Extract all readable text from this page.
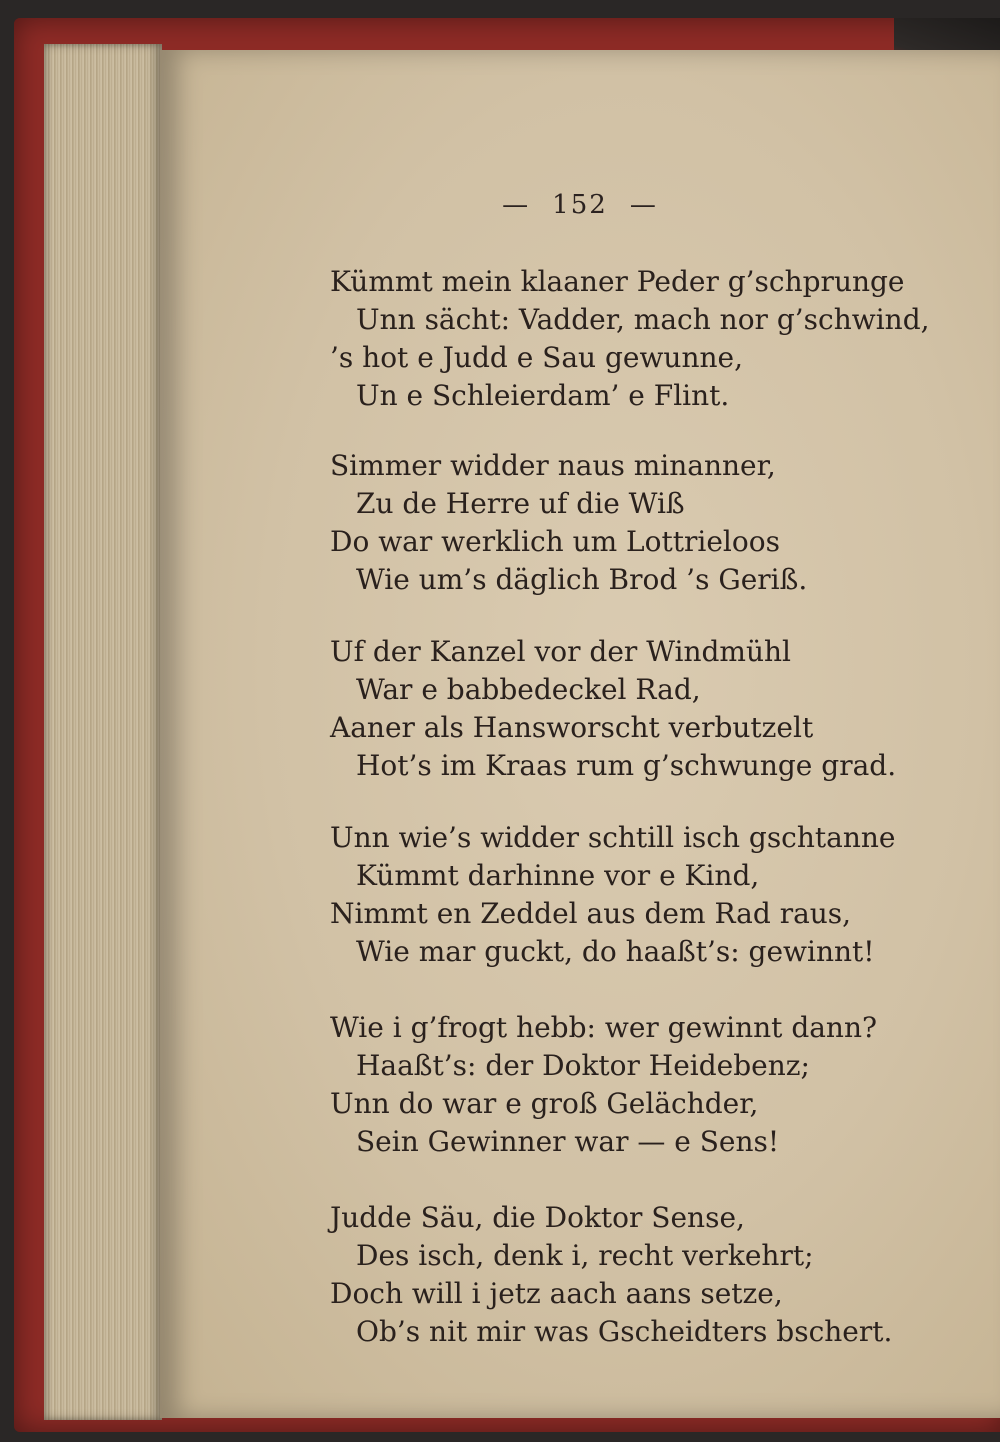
— 152 —
Kümmt mein klaaner Peder g’schprunge
Unn sächt: Vadder, mach nor g’schwind,
’s hot e Judd e Sau gewunne,
Un e Schleierdam’ e Flint.
Simmer widder naus minanner,
Zu de Herre uf die Wiß
Do war werklich um Lottrieloos
Wie um’s däglich Brod ’s Geriß.
Uf der Kanzel vor der Windmühl
War e babbedeckel Rad,
Aaner als Hansworscht verbutzelt
Hot’s im Kraas rum g’schwunge grad.
Unn wie’s widder schtill isch gschtanne
Kümmt darhinne vor e Kind,
Nimmt en Zeddel aus dem Rad raus,
Wie mar guckt, do haaßt’s: gewinnt!
Wie i g’frogt hebb: wer gewinnt dann?
Haaßt’s: der Doktor Heidebenz;
Unn do war e groß Gelächder,
Sein Gewinner war — e Sens!
Judde Säu, die Doktor Sense,
Des isch, denk i, recht verkehrt;
Doch will i jetz aach aans setze,
Ob’s nit mir was Gscheidters bschert.
